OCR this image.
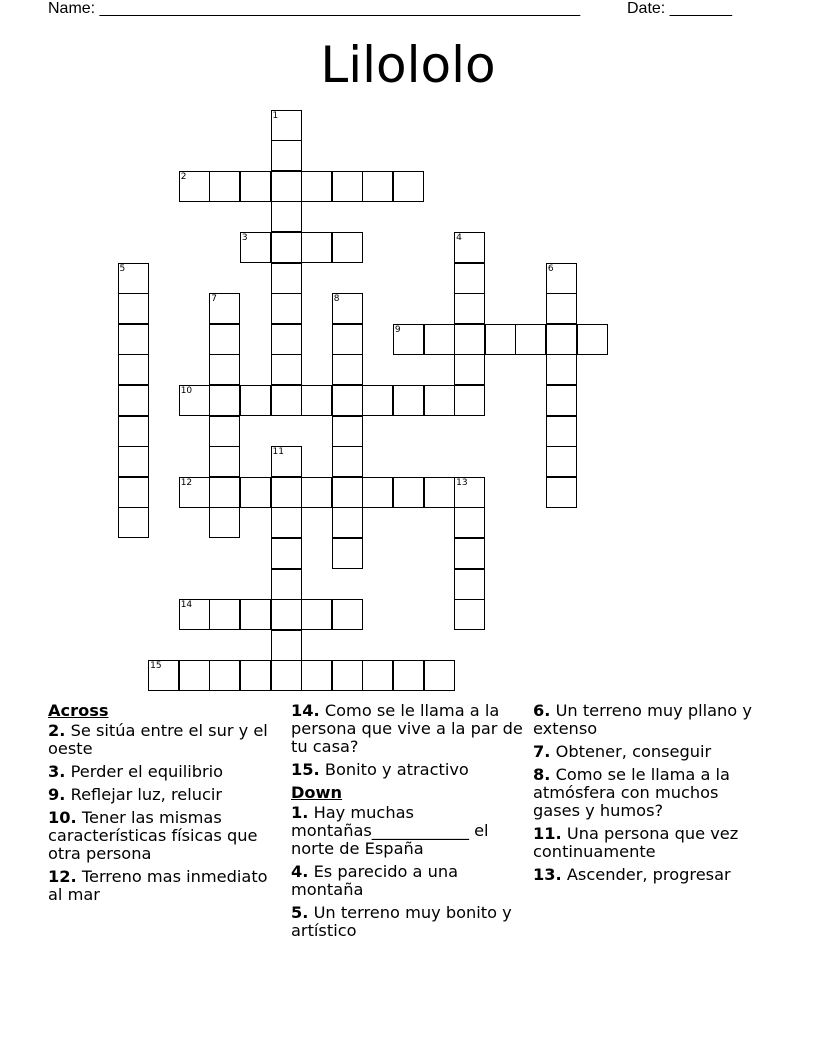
Name: ______________________________________________________	Date: _______
Lilololo
1
2
3	4
5	6
7	8
9
10
11
12	13
14
15
Across
2. Se sitúa entre el sur y el oeste
3. Perder el equilibrio
9. Reflejar luz, relucir
10. Tener las mismas características físicas que otra persona
12. Terreno mas inmediato al mar
14. Como se le llama a la persona que vive a la par de tu casa?
15. Bonito y atractivo
Down
1. Hay muchas montañas____________ el norte de España
4. Es parecido a una montaña
5. Un terreno muy bonito y artístico
6. Un terreno muy pllano y extenso
7. Obtener, conseguir
8. Como se le llama a la atmósfera con muchos gases y humos?
11. Una persona que vez continuamente
13. Ascender, progresar
